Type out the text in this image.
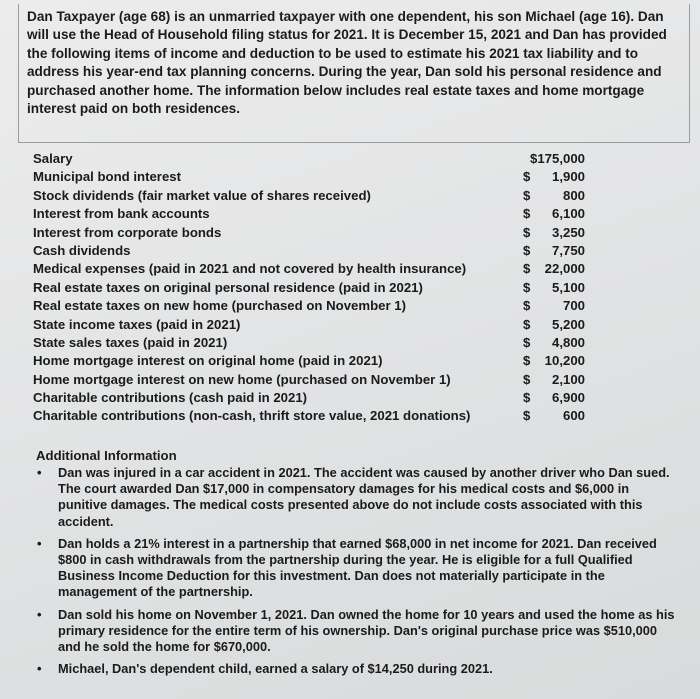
Dan Taxpayer (age 68) is an unmarried taxpayer with one dependent, his son Michael (age 16). Dan will use the Head of Household filing status for 2021. It is December 15, 2021 and Dan has provided the following items of income and deduction to be used to estimate his 2021 tax liability and to address his year-end tax planning concerns. During the year, Dan sold his personal residence and purchased another home. The information below includes real estate taxes and home mortgage interest paid on both residences.
Salary	$175,000
Municipal bond interest	$ 1,900
Stock dividends (fair market value of shares received)	$ 800
Interest from bank accounts	$ 6,100
Interest from corporate bonds	$ 3,250
Cash dividends	$ 7,750
Medical expenses (paid in 2021 and not covered by health insurance)	$ 22,000
Real estate taxes on original personal residence (paid in 2021)	$ 5,100
Real estate taxes on new home (purchased on November 1)	$ 700
State income taxes (paid in 2021)	$ 5,200
State sales taxes (paid in 2021)	$ 4,800
Home mortgage interest on original home (paid in 2021)	$ 10,200
Home mortgage interest on new home (purchased on November 1)	$ 2,100
Charitable contributions (cash paid in 2021)	$ 6,900
Charitable contributions (non-cash, thrift store value, 2021 donations)	$ 600
Additional Information
• Dan was injured in a car accident in 2021. The accident was caused by another driver who Dan sued. The court awarded Dan $17,000 in compensatory damages for his medical costs and $6,000 in punitive damages. The medical costs presented above do not include costs associated with this accident.
• Dan holds a 21% interest in a partnership that earned $68,000 in net income for 2021. Dan received $800 in cash withdrawals from the partnership during the year. He is eligible for a full Qualified Business Income Deduction for this investment. Dan does not materially participate in the management of the partnership.
• Dan sold his home on November 1, 2021. Dan owned the home for 10 years and used the home as his primary residence for the entire term of his ownership. Dan's original purchase price was $510,000 and he sold the home for $670,000.
• Michael, Dan's dependent child, earned a salary of $14,250 during 2021.
